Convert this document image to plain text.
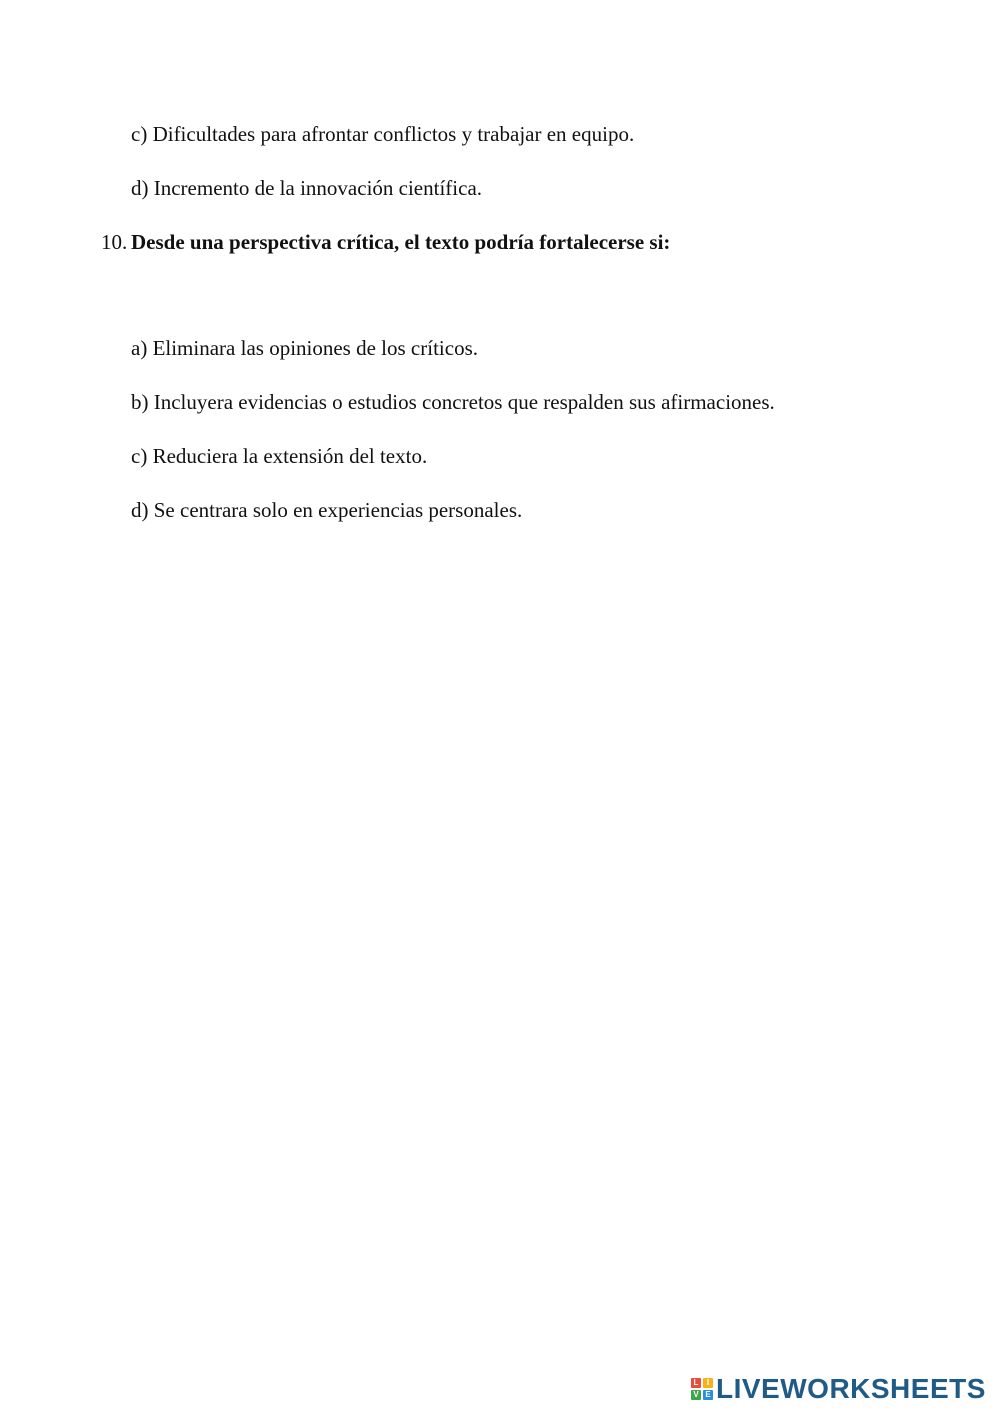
c) Dificultades para afrontar conflictos y trabajar en equipo.
d) Incremento de la innovación científica.
10. Desde una perspectiva crítica, el texto podría fortalecerse si:
a) Eliminara las opiniones de los críticos.
b) Incluyera evidencias o estudios concretos que respalden sus afirmaciones.
c) Reduciera la extensión del texto.
d) Se centrara solo en experiencias personales.
L	I
V E LIVEWORKSHEETS
